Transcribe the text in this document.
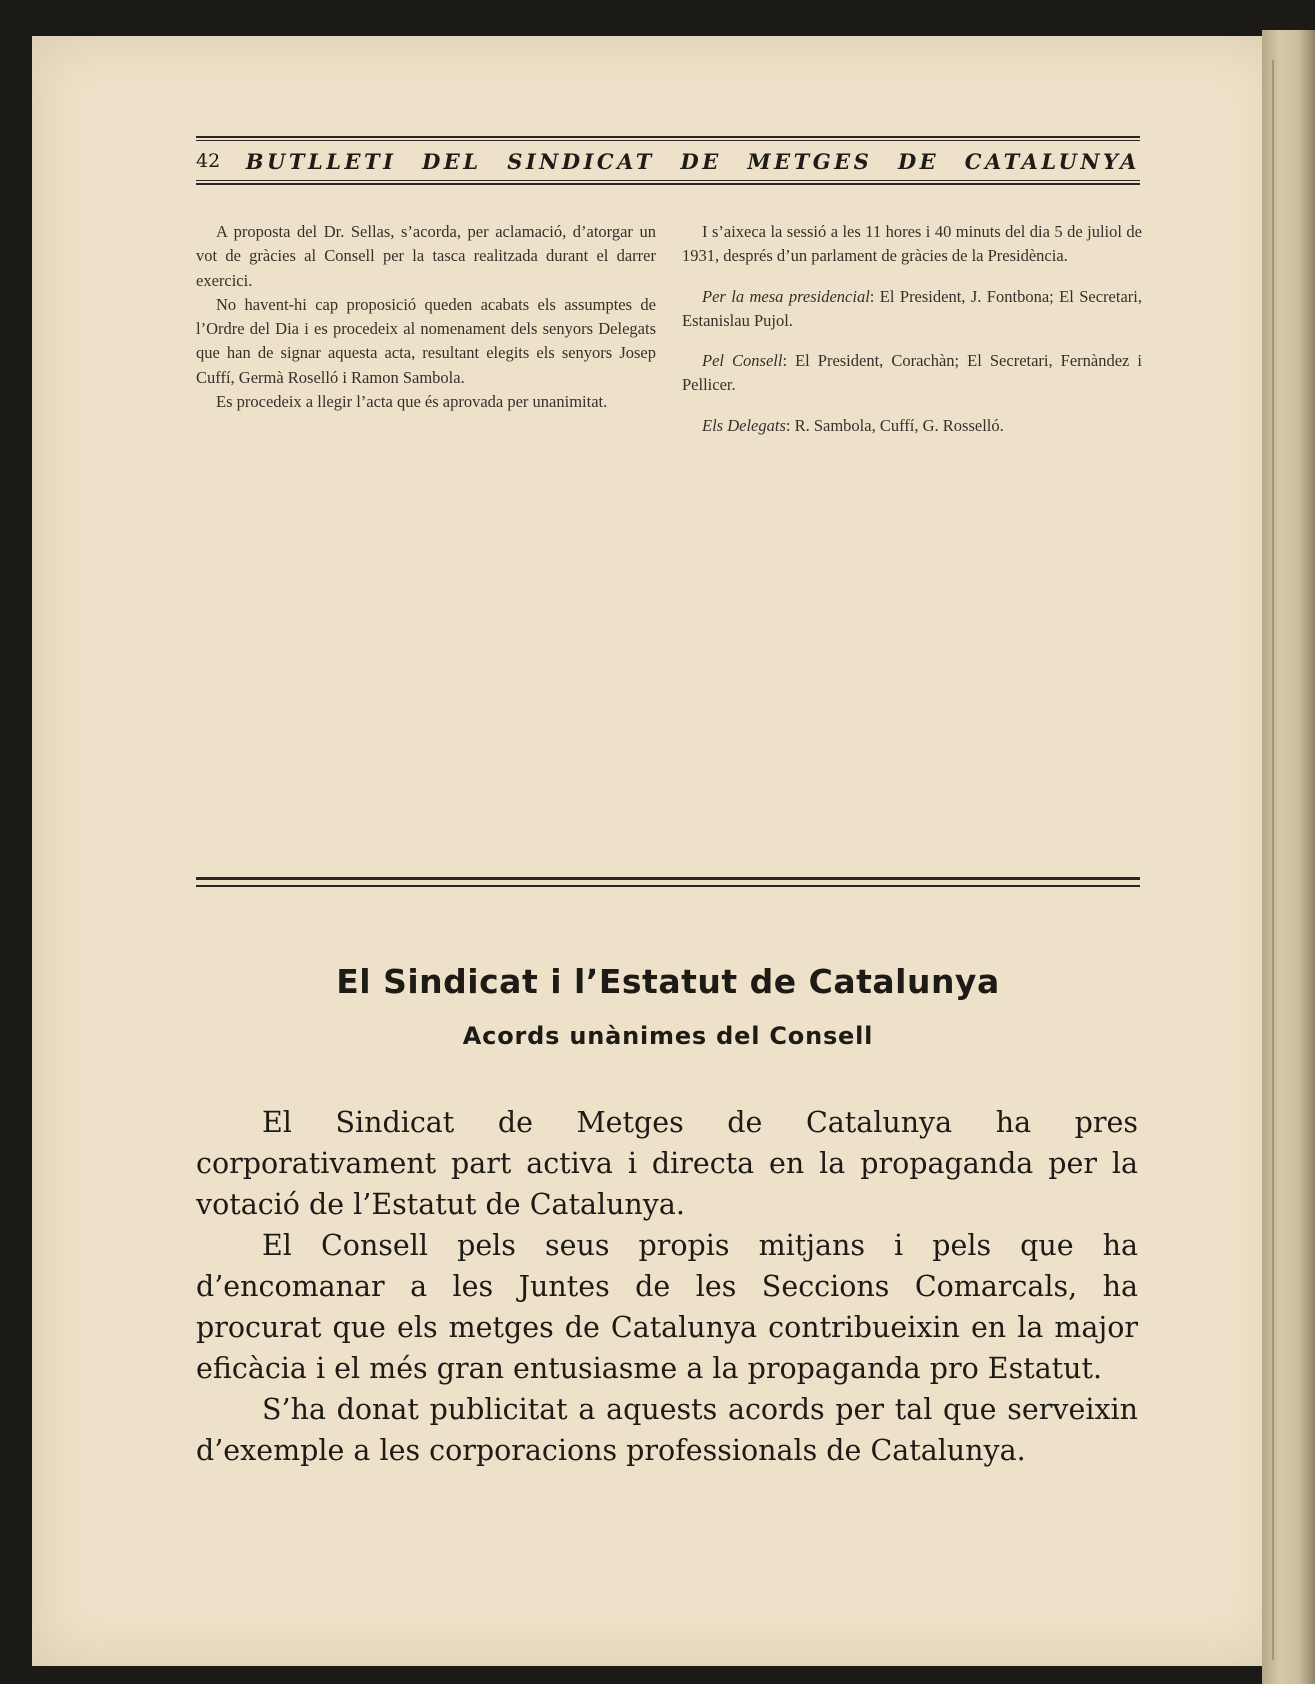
42 BUTLLETI DEL SINDICAT DE METGES DE CATALUNYA

A proposta del Dr. Sellas, s’acorda, per aclamació, d’atorgar un vot de gràcies al Consell per la tasca realitzada durant el darrer exercici.

No havent-hi cap proposició queden acabats els assumptes de l’Ordre del Dia i es procedeix al nomenament dels senyors Delegats que han de signar aquesta acta, resultant elegits els senyors Josep Cuffí, Germà Roselló i Ramon Sambola.

Es procedeix a llegir l’acta que és aprovada per unanimitat.

I s’aixeca la sessió a les 11 hores i 40 minuts del dia 5 de juliol de 1931, després d’un parlament de gràcies de la Presidència.

Per la mesa presidencial: El President, J. Fontbona; El Secretari, Estanislau Pujol.

Pel Consell: El President, Corachàn; El Secretari, Fernàndez i Pellicer.

Els Delegats: R. Sambola, Cuffí, G. Rosselló.

El Sindicat i l’Estatut de Catalunya
Acords unànimes del Consell

El Sindicat de Metges de Catalunya ha pres corporativament part activa i directa en la propaganda per la votació de l’Estatut de Catalunya.

El Consell pels seus propis mitjans i pels que ha d’encomanar a les Juntes de les Seccions Comarcals, ha procurat que els metges de Catalunya contribueixin en la major eficàcia i el més gran entusiasme a la propaganda pro Estatut.

S’ha donat publicitat a aquests acords per tal que serveixin d’exemple a les corporacions professionals de Catalunya.
